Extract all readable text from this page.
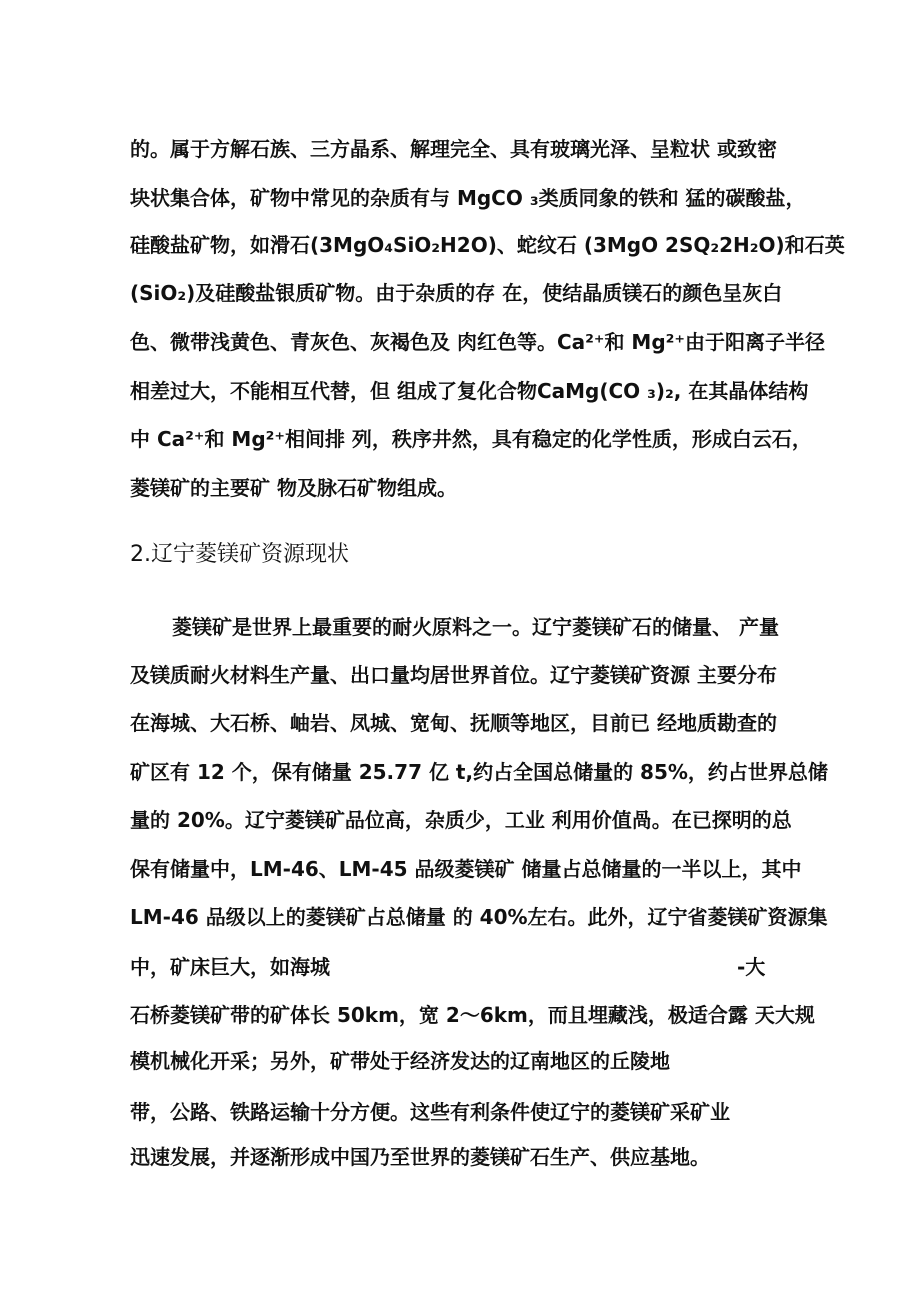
的。属于方解石族、三方晶系、解理完全、具有玻璃光泽、呈粒状 或致密
块状集合体，矿物中常见的杂质有与 MgCO ₃类质同象的铁和 猛的碳酸盐，
硅酸盐矿物，如滑石(3MgO₄SiO₂H2O)、蛇纹石 (3MgO 2SQ₂2H₂O)和石英
(SiO₂)及硅酸盐银质矿物。由于杂质的存 在，使结晶质镁石的颜色呈灰白
色、微带浅黄色、青灰色、灰褐色及 肉红色等。Ca²⁺和 Mg²⁺由于阳离子半径
相差过大，不能相互代替，但 组成了复化合物CaMg(CO ₃)₂, 在其晶体结构
中 Ca²⁺和 Mg²⁺相间排 列，秩序井然，具有稳定的化学性质，形成白云石，
菱镁矿的主要矿 物及脉石矿物组成。
2.辽宁菱镁矿资源现状
菱镁矿是世界上最重要的耐火原料之一。辽宁菱镁矿石的储量、 产量
及镁质耐火材料生产量、出口量均居世界首位。辽宁菱镁矿资源 主要分布
在海城、大石桥、岫岩、凤城、宽甸、抚顺等地区，目前已 经地质勘查的
矿区有 12 个，保有储量 25.77 亿 t,约占全国总储量的 85%，约占世界总储
量的 20%。辽宁菱镁矿品位高，杂质少，工业 利用价值咼。在已探明的总
保有储量中，LM-46、LM-45 品级菱镁矿 储量占总储量的一半以上，其中
LM-46 品级以上的菱镁矿占总储量 的 40%左右。此外，辽宁省菱镁矿资源集
中，矿床巨大，如海城	-大
石桥菱镁矿带的矿体长 50km，宽 2～6km，而且埋藏浅，极适合露 天大规
模机械化开采；另外，矿带处于经济发达的辽南地区的丘陵地
带，公路、铁路运输十分方便。这些有利条件使辽宁的菱镁矿采矿业
迅速发展，并逐渐形成中国乃至世界的菱镁矿石生产、供应基地。
